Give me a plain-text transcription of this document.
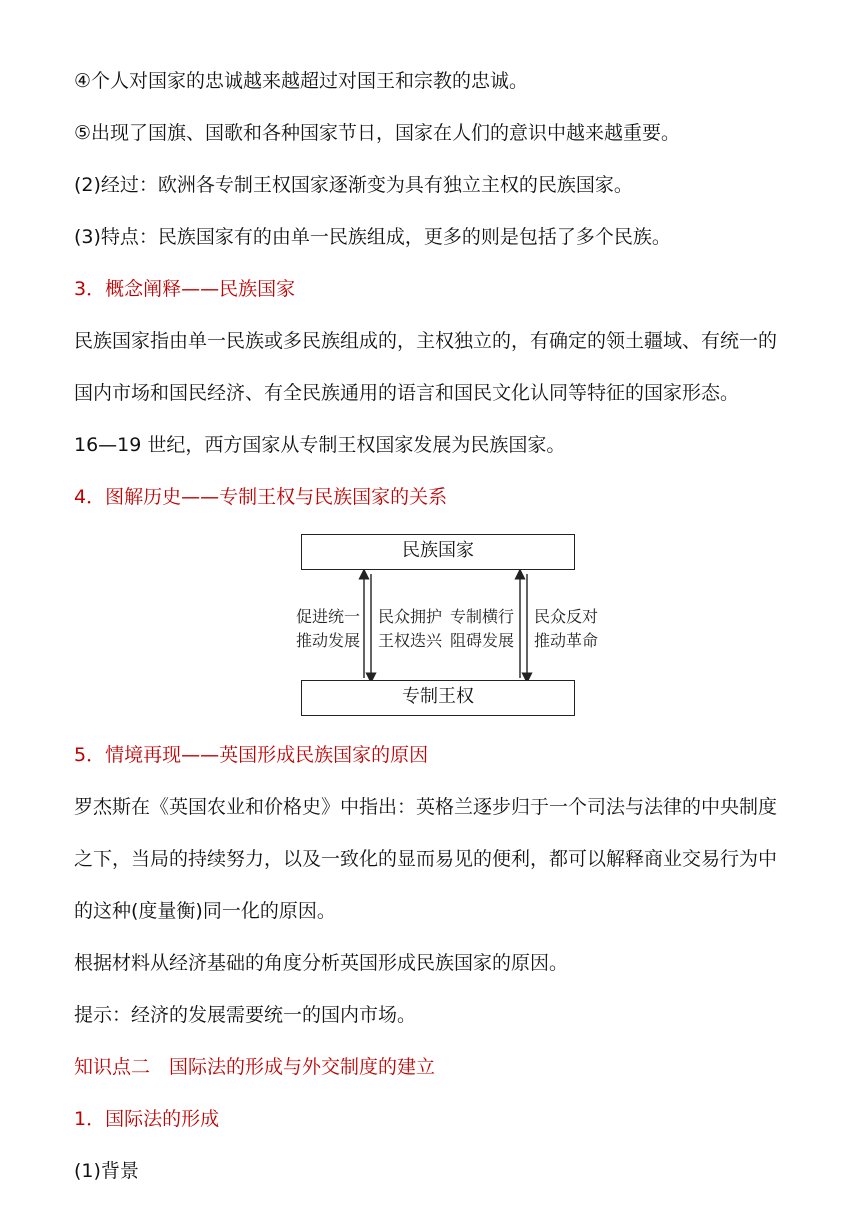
④个人对国家的忠诚越来越超过对国王和宗教的忠诚。
⑤出现了国旗、国歌和各种国家节日，国家在人们的意识中越来越重要。
(2)经过：欧洲各专制王权国家逐渐变为具有独立主权的民族国家。
(3)特点：民族国家有的由单一民族组成，更多的则是包括了多个民族。
3．概念阐释——民族国家
民族国家指由单一民族或多民族组成的，主权独立的，有确定的领土疆域、有统一的
国内市场和国民经济、有全民族通用的语言和国民文化认同等特征的国家形态。
16—19 世纪，西方国家从专制王权国家发展为民族国家。
4．图解历史——专制王权与民族国家的关系
民族国家
专制王权
促进统一
推动发展
民众拥护
王权迭兴
专制横行
阻碍发展
民众反对
推动革命
5．情境再现——英国形成民族国家的原因
罗杰斯在《英国农业和价格史》中指出：英格兰逐步归于一个司法与法律的中央制度
之下，当局的持续努力，以及一致化的显而易见的便利，都可以解释商业交易行为中
的这种(度量衡)同一化的原因。
根据材料从经济基础的角度分析英国形成民族国家的原因。
提示：经济的发展需要统一的国内市场。
知识点二　国际法的形成与外交制度的建立
1．国际法的形成
(1)背景
